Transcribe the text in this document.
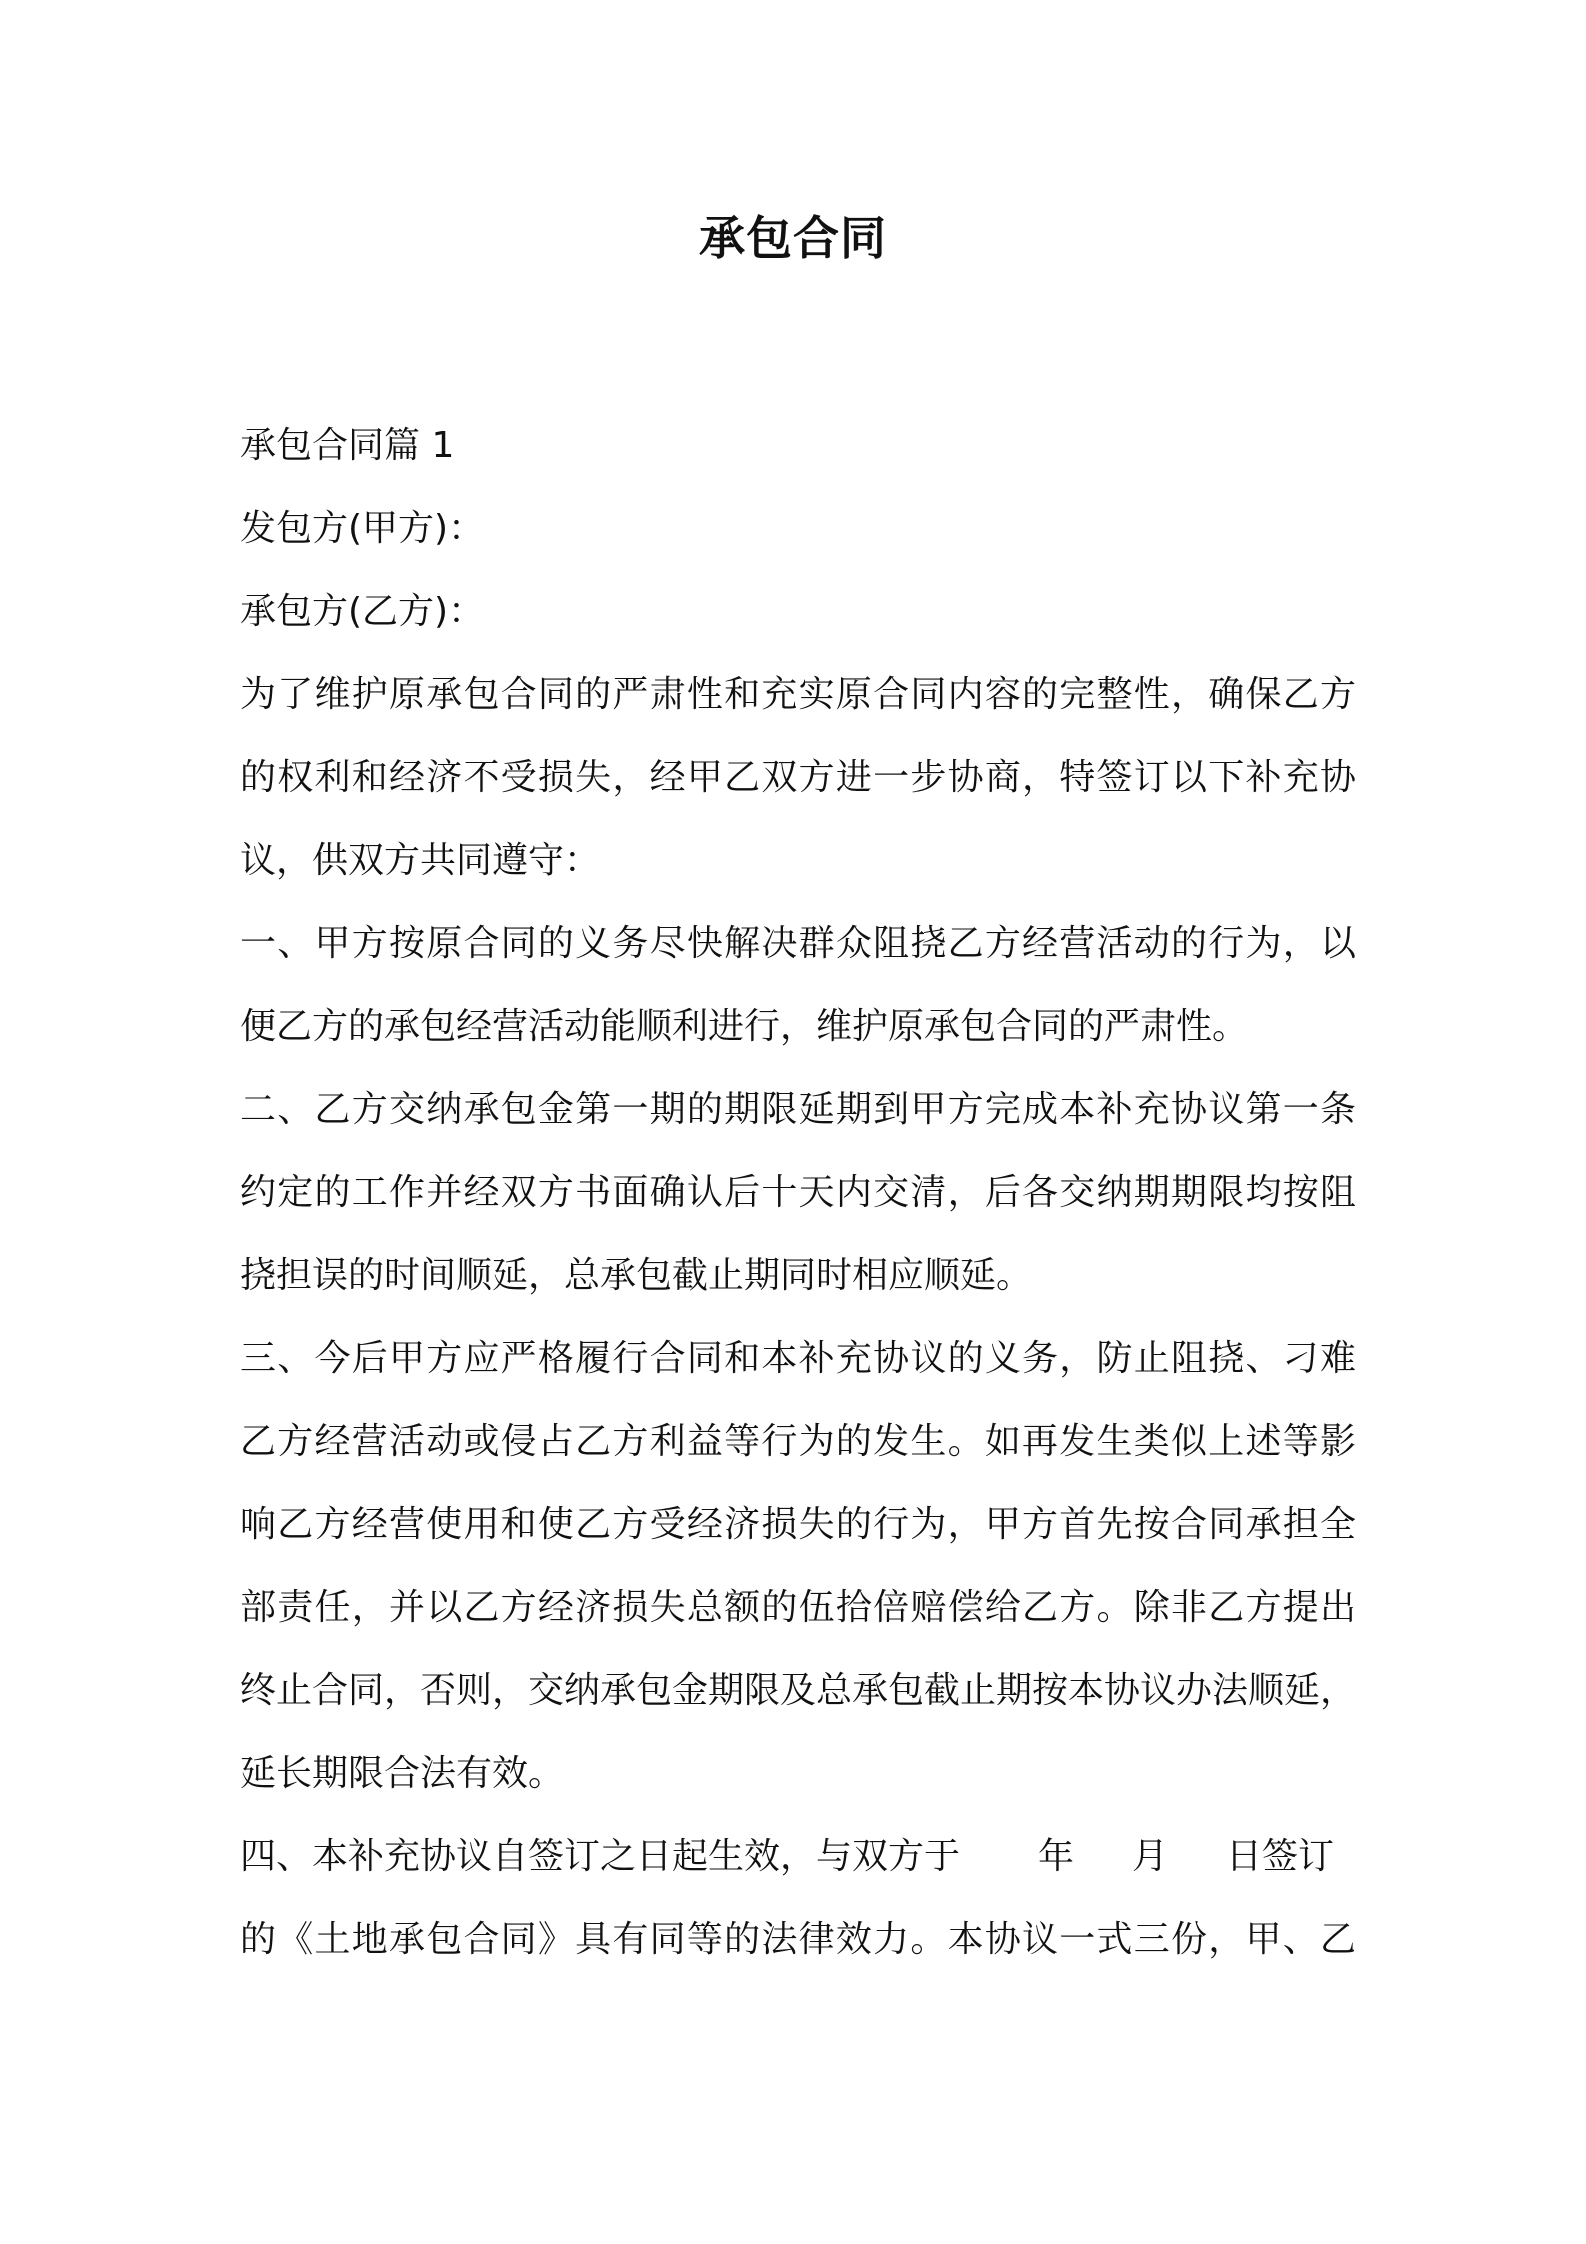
承包合同
承包合同篇 1
发包方(甲方)：
承包方(乙方)：
为了维护原承包合同的严肃性和充实原合同内容的完整性，确保乙方
的权利和经济不受损失，经甲乙双方进一步协商，特签订以下补充协
议，供双方共同遵守：
一、甲方按原合同的义务尽快解决群众阻挠乙方经营活动的行为，以
便乙方的承包经营活动能顺利进行，维护原承包合同的严肃性。
二、乙方交纳承包金第一期的期限延期到甲方完成本补充协议第一条
约定的工作并经双方书面确认后十天内交清，后各交纳期期限均按阻
挠担误的时间顺延，总承包截止期同时相应顺延。
三、今后甲方应严格履行合同和本补充协议的义务，防止阻挠、刁难
乙方经营活动或侵占乙方利益等行为的发生。如再发生类似上述等影
响乙方经营使用和使乙方受经济损失的行为，甲方首先按合同承担全
部责任，并以乙方经济损失总额的伍拾倍赔偿给乙方。除非乙方提出
终止合同，否则，交纳承包金期限及总承包截止期按本协议办法顺延，
延长期限合法有效。
四、本补充协议自签订之日起生效，与双方于 年 月 日签订
的《土地承包合同》具有同等的法律效力。本协议一式三份，甲、乙
